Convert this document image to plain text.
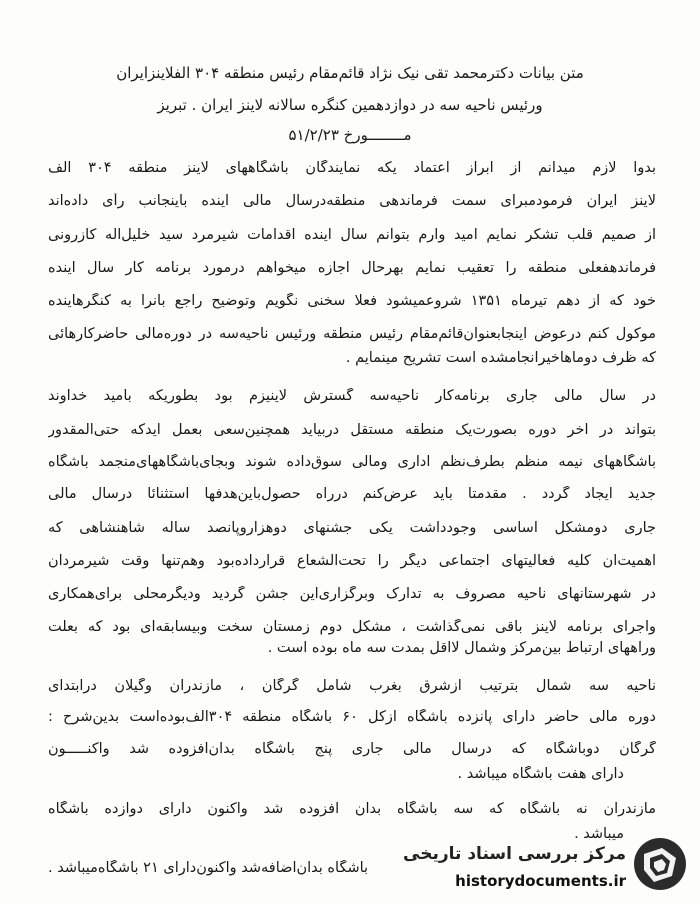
متن بیانات دکترمحمد تقی نیک نژاد قائم‌مقام رئیس منطقه ۳۰۴ الفلاینزایران
ورئیس ناحیه سه در دوازدهمین کنگره سالانه لاینز ایران . تبریز
مــــــــورخ ۵۱/۲/۲۳
بدوا لازم میدانم از ابراز اعتماد یکه نمایندگان باشگاههای لاینز منطقه ۳۰۴ الف
لاینز ایران فرمودمبرای سمت فرماندهی منطقه‌درسال مالی آینده باینجانب رأی داده‌اند
از صمیم قلب تشکر نمایم امید وارم بتوانم سال آینده اقدامات شیرمرد سید خلیل‌اله کازرونی
فرماندهفعلی منطقه را تعقیب نمایم بهرحال اجازه میخواهم درمورد برنامه کار سال آینده
خود که از دهم تیرماه ۱۳۵۱ شروعمیشود فعلا سخنی نگویم وتوضیح راجع بآنرا به کنگرهآینده
موکول کنم درعوض اینجابعنوان‌قائم‌مقام رئیس منطقه ورئیس ناحیه‌سه در دوره‌مالی حاضرکارهائی
که ظرف دوماهاخیرانجامشده است تشریح مینمایم .
در سال مالی جاری برنامه‌کار ناحیه‌سه گسترش لاینیزم بود بطوریکه بامید خداوند
بتواند در آخر دوره بصورت‌یک منطقه مستقل دربیاید همچنین‌سعی بعمل آیدکه حتی‌المقدور
باشگاههای نیمه منظم بطرف‌نظم اداری ومالی سوق‌داده شوند وبجای‌باشگاههای‌منجمد باشگاه
جدید ایجاد گردد . مقدمتا باید عرض‌کنم درراه حصول‌باین‌هدفها استثنائا درسال مالی
جاری دومشکل اساسی وجودداشت یکی جشنهای دوهزاروپانصد ساله شاهنشاهی که
اهمیت‌آن کلیه فعالیتهای اجتماعی دیگر را تحت‌الشعاع قرارداده‌بود وهم‌تنها وقت شیرمردان
در شهرستانهای ناحیه مصروف به تدارک وبرگزاری‌این جشن گردید ودیگرمحلی برای‌همکاری
واجرای برنامه لاینز باقی نمی‌گذاشت ، مشکل دوم زمستان سخت وبیسابقه‌ای بود که بعلت
وراههای ارتباط بین‌مرکز وشمال لااقل بمدت سه ماه بوده است .
ناحیه سه شمال بترتیب ازشرق بغرب شامل گرگان ، مازندران وگیلان درابتدای
دوره مالی حاضر دارای پانزده باشگاه ازکل ۶۰ باشگاه منطقه ۳۰۴الف‌بوده‌است بدین‌شرح :
گرگان دوباشگاه که درسال مالی جاری پنج باشگاه بدان‌افزوده شد واکنـــــون
دارای هفت باشگاه میباشد .
مازندران نه باشگاه که سه باشگاه بدان افزوده شد واکنون دارای دوازده باشگاه
میباشد .
باشگاه بدان‌اضافه‌شد واکنون‌دارای ۲۱ باشگاه‌میباشد .
مرکز بررسی اسناد تاریخی
historydocuments.ir
